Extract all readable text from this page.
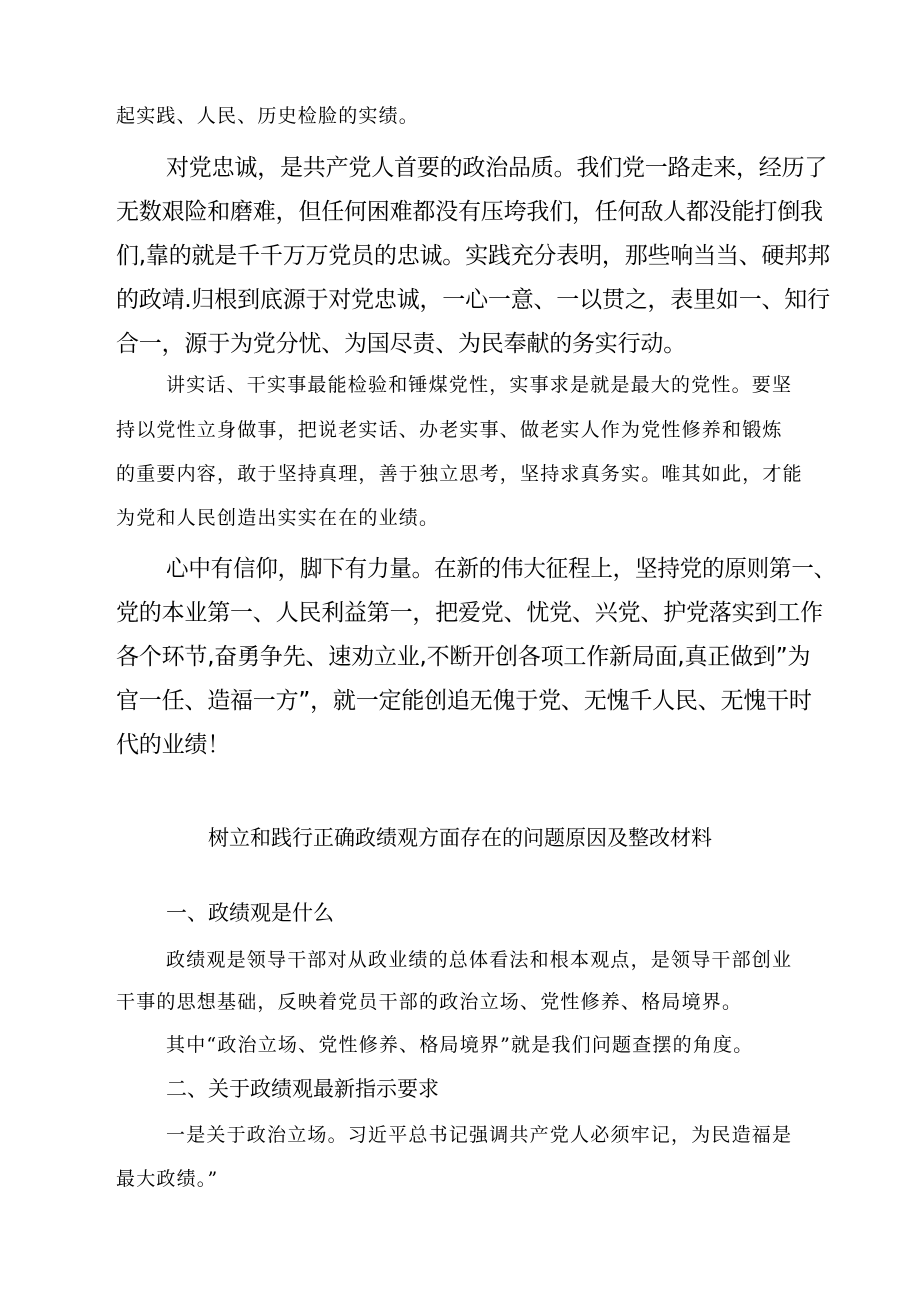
起实践、人民、历史检脸的实绩。

对党忠诚，是共产党人首要的政治品质。我们党一路走来，经历了

无数艰险和磨难，但任何困难都没有压垮我们，任何敌人都没能打倒我

们,靠的就是千千万万党员的忠诚。实践充分表明，那些响当当、硬邦邦

的政靖.归根到底源于对党忠诚，一心一意、一以贯之，表里如一、知行

合一，源于为党分忧、为国尽责、为民奉献的务实行动。

讲实话、干实事最能检验和锤煤党性，实事求是就是最大的党性。要坚

持以党性立身做事，把说老实话、办老实事、做老实人作为党性修养和锻炼

的重要内容，敢于坚持真理，善于独立思考，坚持求真务实。唯其如此，才能

为党和人民创造出实实在在的业绩。

心中有信仰，脚下有力量。在新的伟大征程上，坚持党的原则第一、

党的本业第一、人民利益第一，把爱党、忧党、兴党、护党落实到工作

各个环节,奋勇争先、速劝立业,不断开创各项工作新局面,真正做到”为

官一任、造福一方”，就一定能创追无傀于党、无愧千人民、无愧干时

代的业绩！

树立和践行正确政绩观方面存在的问题原因及整改材料

一、政绩观是什么

政绩观是领导干部对从政业绩的总体看法和根本观点，是领导干部创业

干事的思想基础，反映着党员干部的政治立场、党性修养、格局境界。

其中“政治立场、党性修养、格局境界”就是我们问题查摆的角度。

二、关于政绩观最新指示要求

一是关于政治立场。习近平总书记强调共产党人必须牢记，为民造福是

最大政绩。”
